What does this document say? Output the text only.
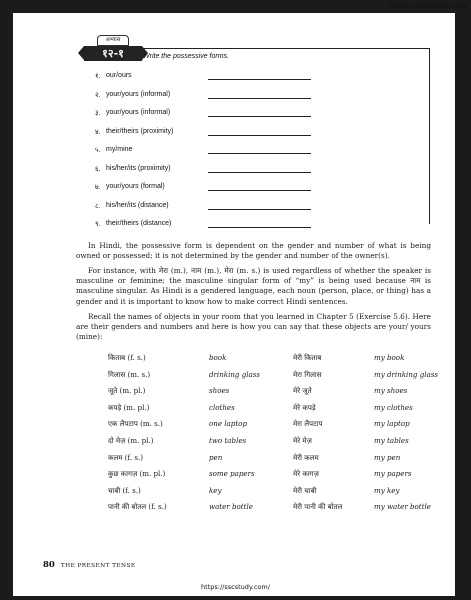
https://sscstudy.com/
अभ्यास
१२-१	Write the possessive forms.
१. our/ours
२. your/yours (informal)
३. your/yours (informal)
४. their/theirs (proximity)
५. my/mine
६. his/her/its (proximity)
७. your/yours (formal)
८. his/her/its (distance)
९. their/theirs (distance)

In Hindi, the possessive form is dependent on the gender and number of what is being owned or possessed; it is not determined by the gender and number of the owner(s).

For instance, with मेरा (m.), नाम (m.), मेरा (m. s.) is used regardless of whether the speaker is masculine or feminine; the masculine singular form of “my” is being used because नाम is masculine singular. As Hindi is a gendered language, each noun (person, place, or thing) has a gender and it is important to know how to make correct Hindi sentences.

Recall the names of objects in your room that you learned in Chapter 5 (Exercise 5.6). Here are their genders and numbers and here is how you can say that these objects are your/ yours (mine):

किताब (f. s.)	book	मेरी किताब	my book
गिलास (m. s.)	drinking glass	मेरा गिलास	my drinking glass
जूते (m. pl.)	shoes	मेरे जूते	my shoes
कपड़े (m. pl.)	clothes	मेरे कपड़े	my clothes
एक लैपटाप (m. s.)	one laptop	मेरा लैपटाप	my laptop
दो मेज़ (m. pl.)	two tables	मेरे मेज़	my tables
कलम (f. s.)	pen	मेरी कलम	my pen
कुछ कागज़ (m. pl.)	some papers	मेरे कागज़	my papers
चाबी (f. s.)	key	मेरी चाबी	my key
पानी की बोतल (f. s.)	water bottle	मेरी पानी की बोतल	my water bottle
80 THE PRESENT TENSE
https://sscstudy.com/
